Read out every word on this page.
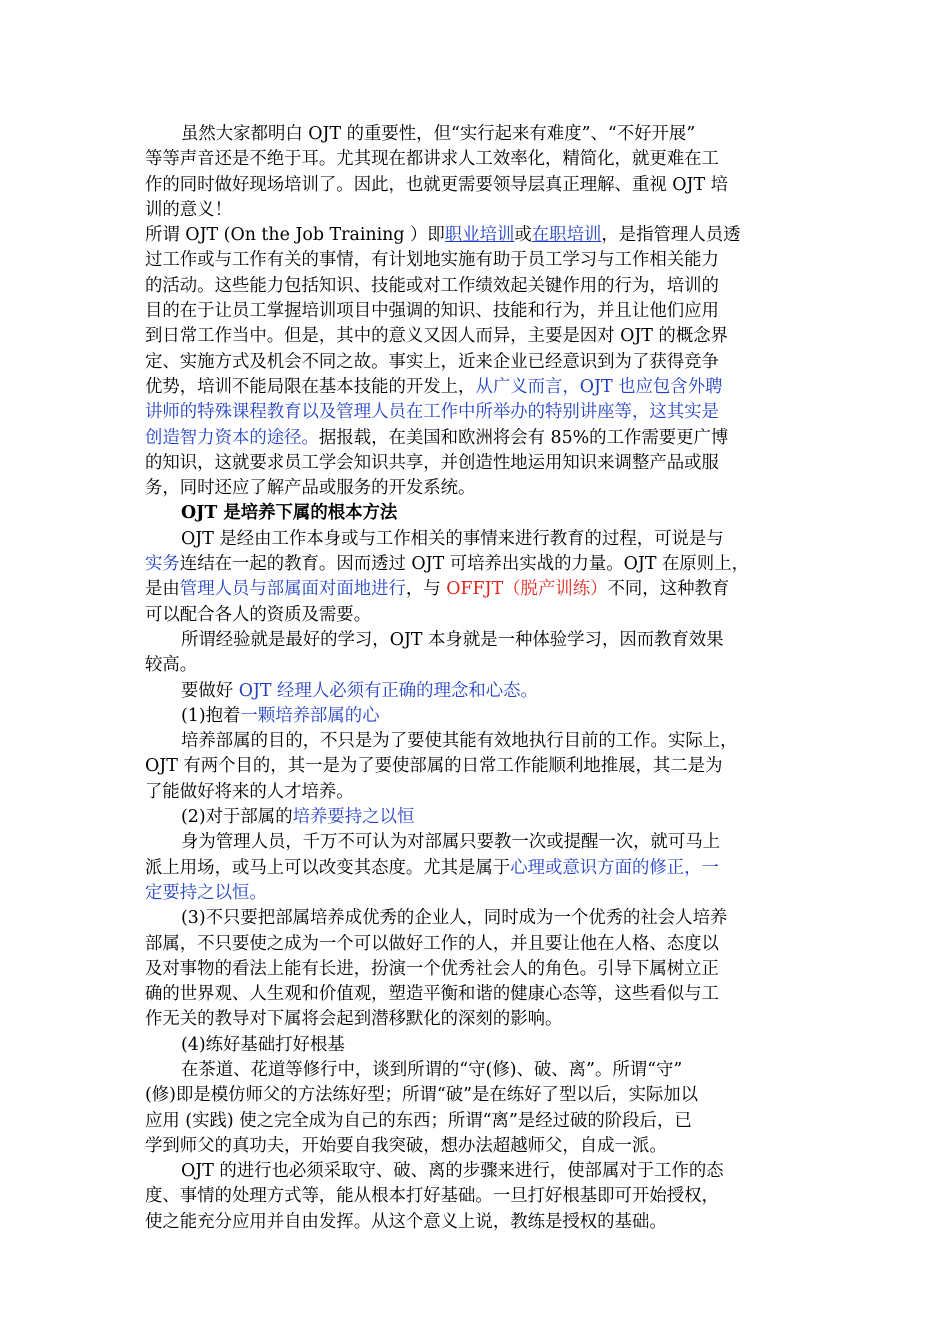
虽然大家都明白 OJT 的重要性，但“实行起来有难度”、“不好开展”
等等声音还是不绝于耳。尤其现在都讲求人工效率化，精简化，就更难在工
作的同时做好现场培训了。因此，也就更需要领导层真正理解、重视 OJT 培
训的意义！
所谓 OJT (On the Job Training ）即职业培训或在职培训，是指管理人员透
过工作或与工作有关的事情，有计划地实施有助于员工学习与工作相关能力
的活动。这些能力包括知识、技能或对工作绩效起关键作用的行为，培训的
目的在于让员工掌握培训项目中强调的知识、技能和行为，并且让他们应用
到日常工作当中。但是，其中的意义又因人而异，主要是因对 OJT 的概念界
定、实施方式及机会不同之故。事实上，近来企业已经意识到为了获得竞争
优势，培训不能局限在基本技能的开发上，从广义而言，OJT 也应包含外聘
讲师的特殊课程教育以及管理人员在工作中所举办的特别讲座等，这其实是
创造智力资本的途径。据报载，在美国和欧洲将会有 85%的工作需要更广博
的知识，这就要求员工学会知识共享，并创造性地运用知识来调整产品或服
务，同时还应了解产品或服务的开发系统。
OJT 是培养下属的根本方法
OJT 是经由工作本身或与工作相关的事情来进行教育的过程，可说是与
实务连结在一起的教育。因而透过 OJT 可培养出实战的力量。OJT 在原则上，
是由管理人员与部属面对面地进行，与 OFFJT（脱产训练）不同，这种教育
可以配合各人的资质及需要。
所谓经验就是最好的学习，OJT 本身就是一种体验学习，因而教育效果
较高。
要做好 OJT 经理人必须有正确的理念和心态。
(1)抱着一颗培养部属的心
培养部属的目的，不只是为了要使其能有效地执行目前的工作。实际上，
OJT 有两个目的，其一是为了要使部属的日常工作能顺利地推展，其二是为
了能做好将来的人才培养。
(2)对于部属的培养要持之以恒
身为管理人员，千万不可认为对部属只要教一次或提醒一次，就可马上
派上用场，或马上可以改变其态度。尤其是属于心理或意识方面的修正，一
定要持之以恒。
(3)不只要把部属培养成优秀的企业人，同时成为一个优秀的社会人培养
部属，不只要使之成为一个可以做好工作的人，并且要让他在人格、态度以
及对事物的看法上能有长进，扮演一个优秀社会人的角色。引导下属树立正
确的世界观、人生观和价值观，塑造平衡和谐的健康心态等，这些看似与工
作无关的教导对下属将会起到潜移默化的深刻的影响。
(4)练好基础打好根基
在茶道、花道等修行中，谈到所谓的“守(修)、破、离”。所谓“守”
(修)即是模仿师父的方法练好型；所谓“破”是在练好了型以后，实际加以
应用 (实践) 使之完全成为自己的东西；所谓“离”是经过破的阶段后，已
学到师父的真功夫，开始要自我突破，想办法超越师父，自成一派。
OJT 的进行也必须采取守、破、离的步骤来进行，使部属对于工作的态
度、事情的处理方式等，能从根本打好基础。一旦打好根基即可开始授权，
使之能充分应用并自由发挥。从这个意义上说，教练是授权的基础。
